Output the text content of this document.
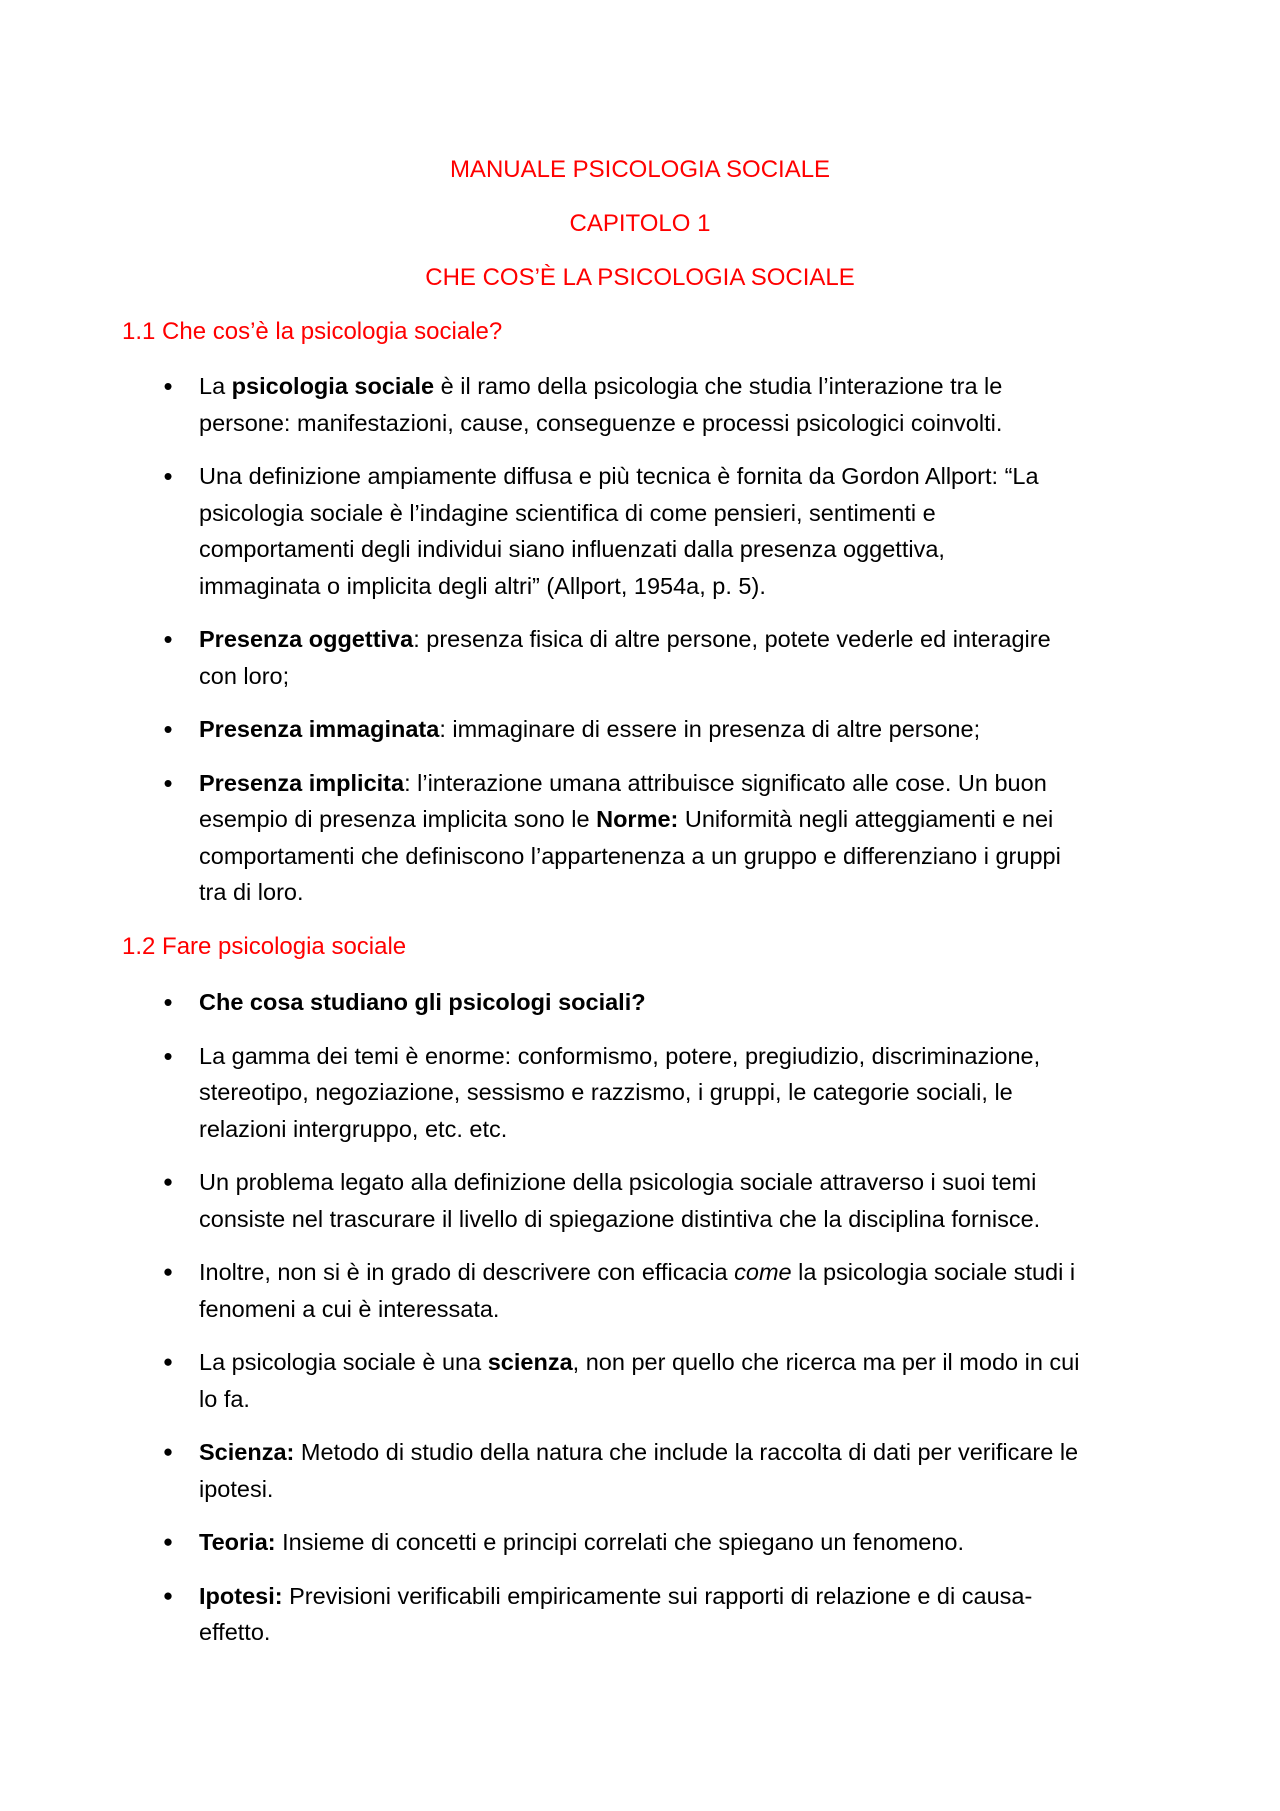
MANUALE PSICOLOGIA SOCIALE
CAPITOLO 1
CHE COS’È LA PSICOLOGIA SOCIALE
1.1 Che cos’è la psicologia sociale?
• La psicologia sociale è il ramo della psicologia che studia l’interazione tra le
persone: manifestazioni, cause, conseguenze e processi psicologici coinvolti.
• Una definizione ampiamente diffusa e più tecnica è fornita da Gordon Allport: “La
psicologia sociale è l’indagine scientifica di come pensieri, sentimenti e
comportamenti degli individui siano influenzati dalla presenza oggettiva,
immaginata o implicita degli altri” (Allport, 1954a, p. 5).
• Presenza oggettiva: presenza fisica di altre persone, potete vederle ed interagire
con loro;
• Presenza immaginata: immaginare di essere in presenza di altre persone;
• Presenza implicita: l’interazione umana attribuisce significato alle cose. Un buon
esempio di presenza implicita sono le Norme: Uniformità negli atteggiamenti e nei
comportamenti che definiscono l’appartenenza a un gruppo e differenziano i gruppi
tra di loro.
1.2 Fare psicologia sociale
• Che cosa studiano gli psicologi sociali?
• La gamma dei temi è enorme: conformismo, potere, pregiudizio, discriminazione,
stereotipo, negoziazione, sessismo e razzismo, i gruppi, le categorie sociali, le
relazioni intergruppo, etc. etc.
● Un problema legato alla definizione della psicologia sociale attraverso i suoi temi
consiste nel trascurare il livello di spiegazione distintiva che la disciplina fornisce.
● Inoltre, non si è in grado di descrivere con efficacia come la psicologia sociale studi i
fenomeni a cui è interessata.
● La psicologia sociale è una scienza, non per quello che ricerca ma per il modo in cui
lo fa.
● Scienza: Metodo di studio della natura che include la raccolta di dati per verificare le
ipotesi.
● Teoria: Insieme di concetti e principi correlati che spiegano un fenomeno.
● Ipotesi: Previsioni verificabili empiricamente sui rapporti di relazione e di causa-
effetto.
